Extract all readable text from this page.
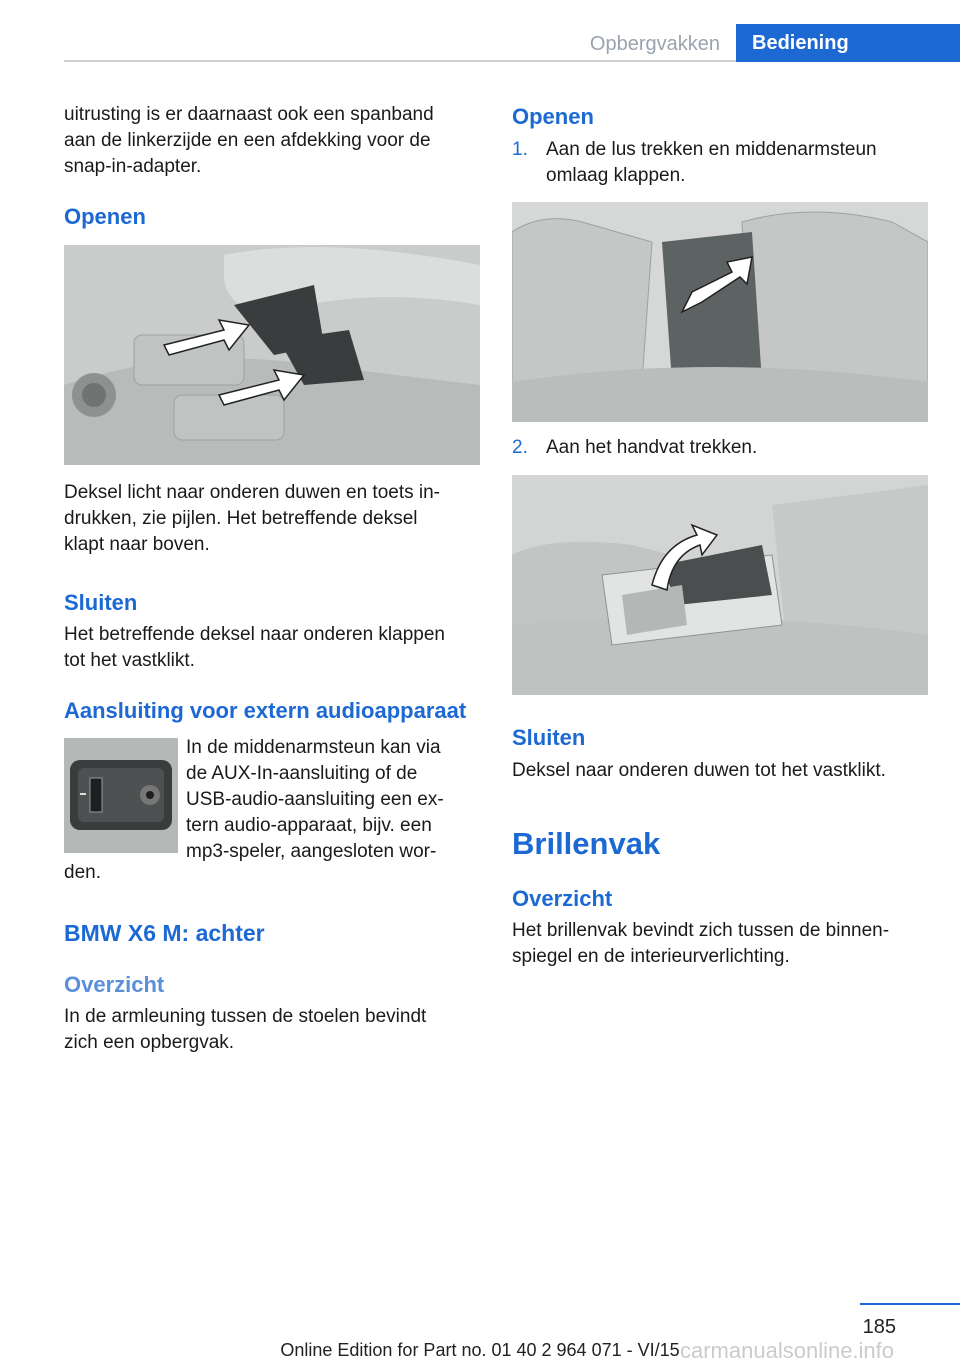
Opbergvakken	Bediening
uitrusting is er daarnaast ook een spanband
aan de linkerzijde en een afdekking voor de
snap-in-adapter.
Openen
Deksel licht naar onderen duwen en toets in-
drukken, zie pijlen. Het betreffende deksel
klapt naar boven.
Sluiten
Het betreffende deksel naar onderen klappen
tot het vastklikt.
Aansluiting voor extern audioapparaat
In de middenarmsteun kan via
de AUX-In-aansluiting of de
USB-audio-aansluiting een ex-
tern audio-apparaat, bijv. een
mp3-speler, aangesloten wor-
den.
BMW X6 M: achter
Overzicht
In de armleuning tussen de stoelen bevindt
zich een opbergvak.
Openen
1. Aan de lus trekken en middenarmsteun
omlaag klappen.
2. Aan het handvat trekken.
Sluiten
Deksel naar onderen duwen tot het vastklikt.
Brillenvak
Overzicht
Het brillenvak bevindt zich tussen de binnen-
spiegel en de interieurverlichting.
185
Online Edition for Part no. 01 40 2 964 071 - VI/15 carmanualsonline.info
